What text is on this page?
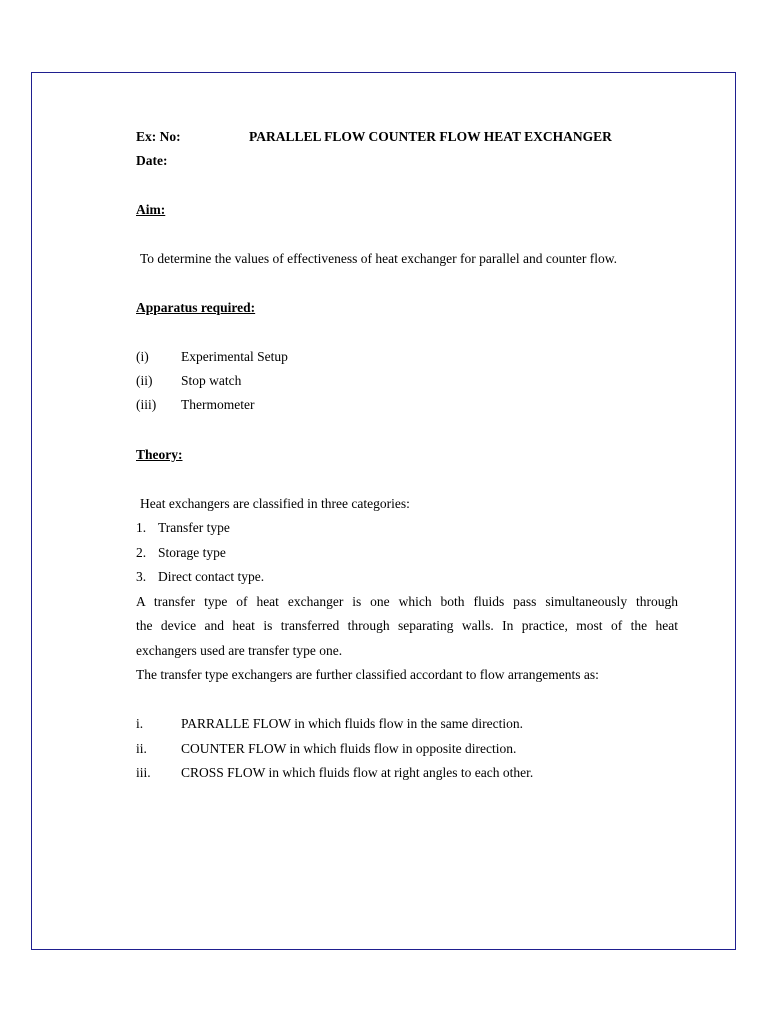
Ex: No:	PARALLEL FLOW COUNTER FLOW HEAT EXCHANGER
Date:
Aim:
To determine the values of effectiveness of heat exchanger for parallel and counter flow.
Apparatus required:
(i) Experimental Setup
(ii) Stop watch
(iii) Thermometer
Theory:
Heat exchangers are classified in three categories:
1. Transfer type
2. Storage type
3. Direct contact type.
A transfer type of heat exchanger is one which both fluids pass simultaneously through
the device and heat is transferred through separating walls. In practice, most of the heat
exchangers used are transfer type one.
The transfer type exchangers are further classified accordant to flow arrangements as:
i.	PARRALLE FLOW in which fluids flow in the same direction.
ii.	COUNTER FLOW in which fluids flow in opposite direction.
iii. CROSS FLOW in which fluids flow at right angles to each other.
